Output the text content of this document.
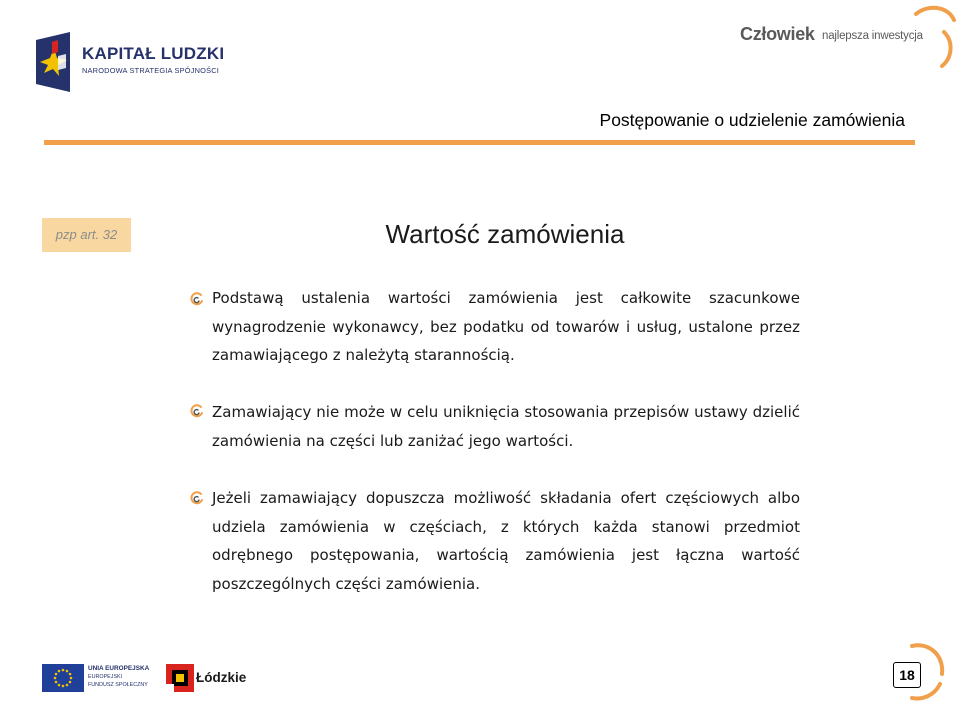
KAPITAŁ LUDZKI
NARODOWA STRATEGIA SPÓJNOŚCI
Człowiek najlepsza inwestycja
Postępowanie o udzielenie zamówienia
pzp art. 32	Wartość zamówienia
Podstawą ustalenia wartości zamówienia jest całkowite szacunkowe wynagrodzenie wykonawcy, bez podatku od towarów i usług, ustalone przez zamawiającego z należytą starannością.
Zamawiający nie może w celu uniknięcia stosowania przepisów ustawy dzielić zamówienia na części lub zaniżać jego wartości.
Jeżeli zamawiający dopuszcza możliwość składania ofert częściowych albo udziela zamówienia w częściach, z których każda stanowi przedmiot odrębnego postępowania, wartością zamówienia jest łączna wartość poszczególnych części zamówienia.
UNIA EUROPEJSKA
EUROPEJSKI
FUNDUSZ SPOŁECZNY	Łódzkie	18
